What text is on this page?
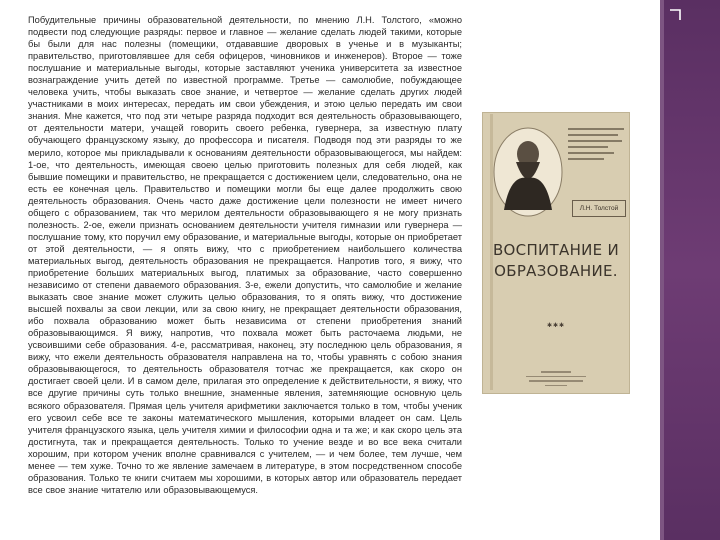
Побудительные причины образовательной деятельности, по мнению Л.Н. Толстого, «можно подвести под следующие разряды: первое и главное — желание сделать людей такими, которые бы были для нас полезны (помещики, отдававшие дворовых в ученье и в музыканты; правительство, приготовлявшее для себя офицеров, чиновников и инженеров). Второе — тоже послушание и материальные выгоды, которые заставляют ученика университета за известное вознаграждение учить детей по известной программе. Третье — самолюбие, побуждающее человека учить, чтобы выказать свое знание, и четвертое — желание сделать других людей участниками в моих интересах, передать им свои убеждения, и этою целью передать им свои знания. Мне кажется, что под эти четыре разряда подходит вся деятельность образовывающего, от деятельности матери, учащей говорить своего ребенка, гувернера, за известную плату обучающего французскому языку, до профессора и писателя. Подводя под эти разряды то же мерило, которое мы прикладывали к основаниям деятельности образовывающегося, мы найдем: 1-ое, что деятельность, имеющая своею целью приготовить полезных для себя людей, как бывшие помещики и правительство, не прекращается с достижением цели, следовательно, она не есть ее конечная цель. Правительство и помещики могли бы еще далее продолжить свою деятельность образования. Очень часто даже достижение цели полезности не имеет ничего общего с образованием, так что мерилом деятельности образовывающего я не могу признать полезность. 2-ое, ежели признать основанием деятельности учителя гимназии или гувернера — послушание тому, кто поручил ему образование, и материальные выгоды, которые он приобретает от этой деятельности, — я опять вижу, что с приобретением наибольшего количества материальных выгод, деятельность образования не прекращается. Напротив того, я вижу, что приобретение больших материальных выгод, платимых за образование, часто совершенно независимо от степени даваемого образования. 3-е, ежели допустить, что самолюбие и желание выказать свое знание может служить целью образования, то я опять вижу, что достижение высшей похвалы за свои лекции, или за свою книгу, не прекращает деятельности образования, ибо похвала образованию может быть независима от степени приобретения знаний образовывающимся. Я вижу, напротив, что похвала может быть расточаема людьми, не усвоившими себе образования. 4-е, рассматривая, наконец, эту последнюю цель образования, я вижу, что ежели деятельность образователя направлена на то, чтобы уравнять с собою знания образовывающегося, то деятельность образователя тотчас же прекращается, как скоро он достигает своей цели. И в самом деле, прилагая это определение к действительности, я вижу, что все другие причины суть только внешние, знаменные явления, затемняющие основную цель всякого образователя. Прямая цель учителя арифметики заключается только в том, чтобы ученик его усвоил себе все те законы математического мышления, которыми владеет он сам. Цель учителя французского языка, цель учителя химии и философии одна и та же; и как скоро цель эта достигнута, так и прекращается деятельность. Только то учение везде и во все века считали хорошим, при котором ученик вполне сравнивался с учителем, — и чем более, тем лучше, чем менее — тем хуже. Точно то же явление замечаем в литературе, в этом посредственном способе образования. Только те книги считаем мы хорошими, в которых автор или образователь передает все свое знание читателю или образовывающемуся.
Л.Н. Толстой
ВОСПИТАНИЕ И
ОБРАЗОВАНИЕ.
✱✱✱
